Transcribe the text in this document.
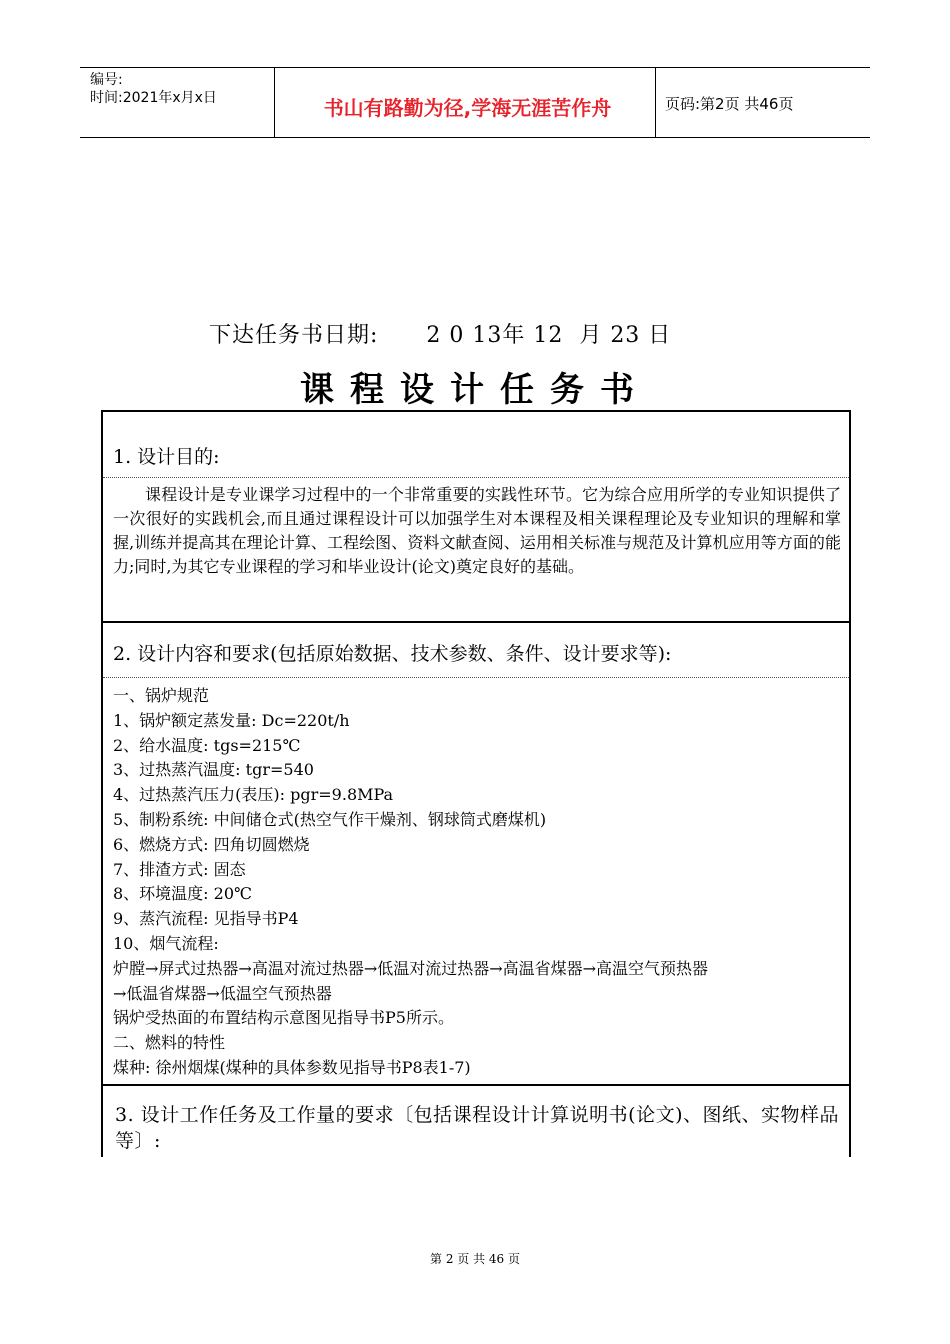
编号:
时间:2021年x月x日	书山有路勤为径,学海无涯苦作舟	页码:第2页 共46页
下达任务书日期:      2 0 13年 12  月 23 日
课程设计任务书
1. 设计目的:
课程设计是专业课学习过程中的一个非常重要的实践性环节。它为综合应用所学的专业知识提供了一次很好的实践机会,而且通过课程设计可以加强学生对本课程及相关课程理论及专业知识的理解和掌握,训练并提高其在理论计算、工程绘图、资料文献查阅、运用相关标准与规范及计算机应用等方面的能力;同时,为其它专业课程的学习和毕业设计(论文)奠定良好的基础。
2. 设计内容和要求(包括原始数据、技术参数、条件、设计要求等):
一、锅炉规范
1、锅炉额定蒸发量: Dc=220t/h
2、给水温度: tgs=215℃
3、过热蒸汽温度: tgr=540
4、过热蒸汽压力(表压): pgr=9.8MPa
5、制粉系统: 中间储仓式(热空气作干燥剂、钢球筒式磨煤机)
6、燃烧方式: 四角切圆燃烧
7、排渣方式: 固态
8、环境温度: 20℃
9、蒸汽流程: 见指导书P4
10、烟气流程:
炉膛→屏式过热器→高温对流过热器→低温对流过热器→高温省煤器→高温空气预热器
→低温省煤器→低温空气预热器
锅炉受热面的布置结构示意图见指导书P5所示。
二、燃料的特性
煤种: 徐州烟煤(煤种的具体参数见指导书P8表1-7)
3. 设计工作任务及工作量的要求〔包括课程设计计算说明书(论文)、图纸、实物样品等〕:
第 2 页 共 46 页
